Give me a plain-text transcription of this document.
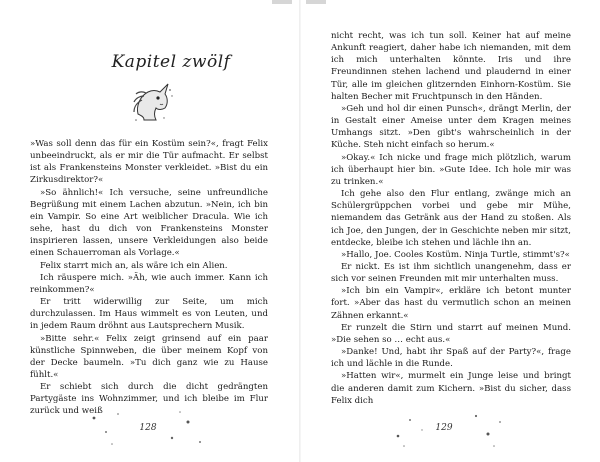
Kapitel zwölf

»Was soll denn das für ein Kostüm sein?«, fragt Felix unbeeindruckt, als er mir die Tür aufmacht. Er selbst ist als Frankensteins Monster verkleidet. »Bist du ein Zirkusdirektor?«

»So ähnlich!« Ich versuche, seine unfreundliche Begrüßung mit einem Lachen abzutun. »Nein, ich bin ein Vampir. So eine Art weiblicher Dracula. Wie ich sehe, hast du dich von Frankensteins Monster inspirieren lassen, unsere Verkleidungen also beide einen Schauerroman als Vorlage.«

Felix starrt mich an, als wäre ich ein Alien.

Ich räuspere mich. »Äh, wie auch immer. Kann ich reinkommen?«

Er tritt widerwillig zur Seite, um mich durchzulassen. Im Haus wimmelt es von Leuten, und in jedem Raum dröhnt aus Lautsprechern Musik.

»Bitte sehr.« Felix zeigt grinsend auf ein paar künstliche Spinnweben, die über meinem Kopf von der Decke baumeln. »Tu dich ganz wie zu Hause fühlt.«

Er schiebt sich durch die dicht gedrängten Partygäste ins Wohnzimmer, und ich bleibe im Flur zurück und weiß

128

nicht recht, was ich tun soll. Keiner hat auf meine Ankunft reagiert, daher habe ich niemanden, mit dem ich mich unterhalten könnte. Iris und ihre Freundinnen stehen lachend und plaudernd in einer Tür, alle im gleichen glitzernden Einhorn-Kostüm. Sie halten Becher mit Fruchtpunsch in den Händen.

»Geh und hol dir einen Punsch«, drängt Merlin, der in Gestalt einer Ameise unter dem Kragen meines Umhangs sitzt. »Den gibt's wahrscheinlich in der Küche. Steh nicht einfach so herum.«

»Okay.« Ich nicke und frage mich plötzlich, warum ich überhaupt hier bin. »Gute Idee. Ich hole mir was zu trinken.«

Ich gehe also den Flur entlang, zwänge mich an Schülergrüppchen vorbei und gebe mir Mühe, niemandem das Getränk aus der Hand zu stoßen. Als ich Joe, den Jungen, der in Geschichte neben mir sitzt, entdecke, bleibe ich stehen und lächle ihn an.

»Hallo, Joe. Cooles Kostüm. Ninja Turtle, stimmt's?«

Er nickt. Es ist ihm sichtlich unangenehm, dass er sich vor seinen Freunden mit mir unterhalten muss.

»Ich bin ein Vampir«, erkläre ich betont munter fort. »Aber das hast du vermutlich schon an meinen Zähnen erkannt.«

Er runzelt die Stirn und starrt auf meinen Mund. »Die sehen so … echt aus.«

»Danke! Und, habt ihr Spaß auf der Party?«, frage ich und lächle in die Runde.

»Hatten wir«, murmelt ein Junge leise und bringt die anderen damit zum Kichern. »Bist du sicher, dass Felix dich

129
